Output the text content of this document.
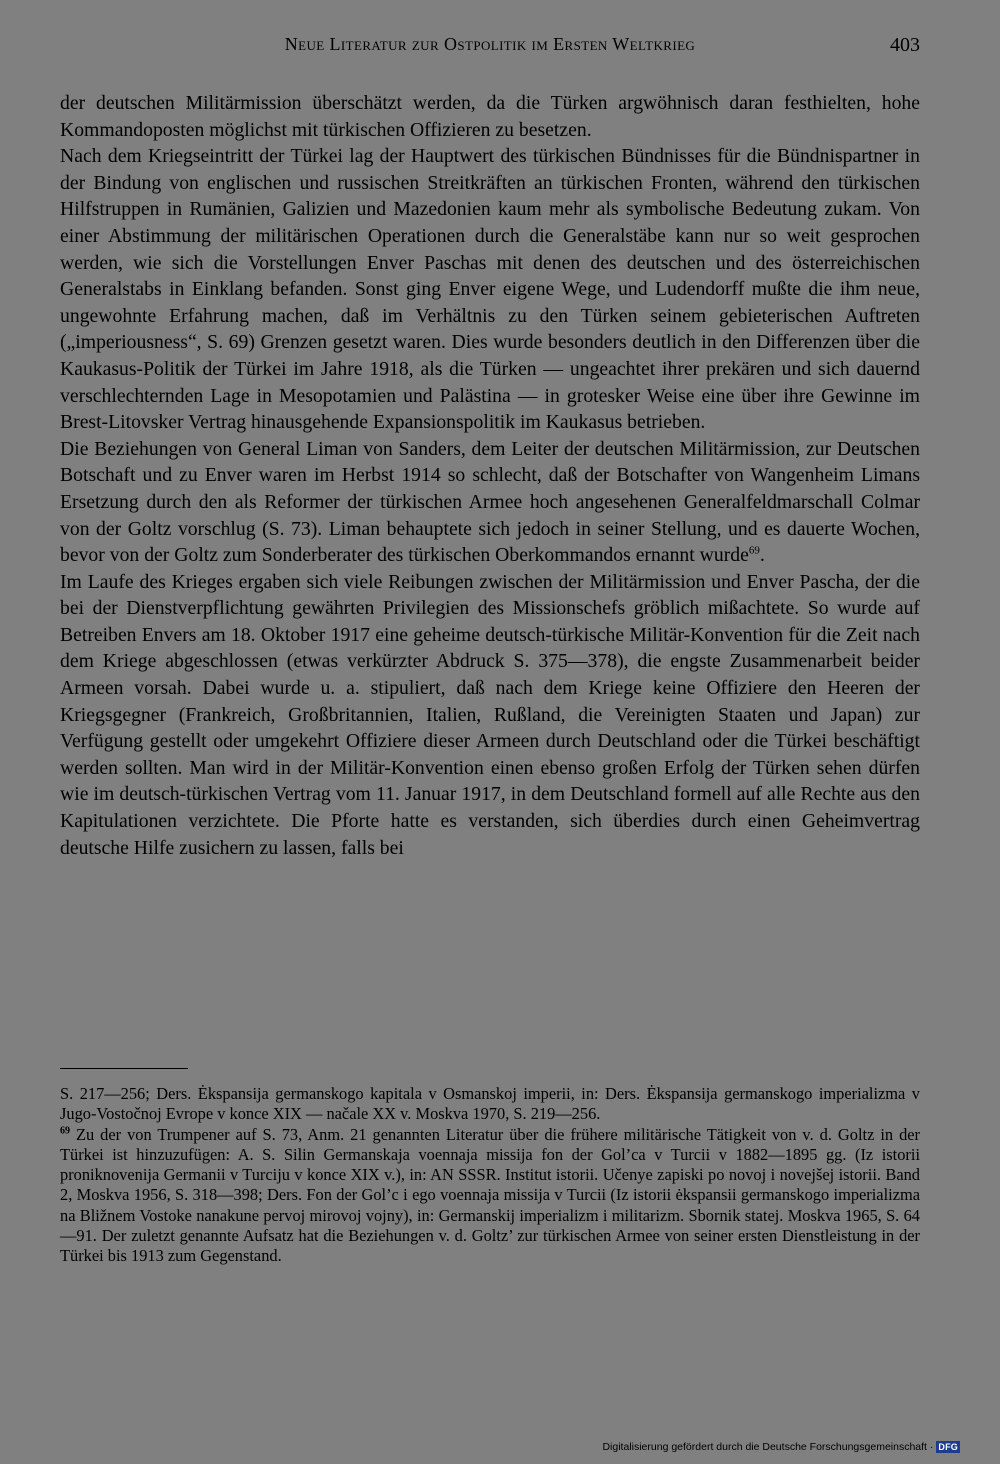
Neue Literatur zur Ostpolitik im Ersten Weltkrieg	403

der deutschen Militärmission überschätzt werden, da die Türken argwöhnisch daran festhielten, hohe Kommandoposten möglichst mit türkischen Offizieren zu besetzen.

Nach dem Kriegseintritt der Türkei lag der Hauptwert des türkischen Bündnisses für die Bündnispartner in der Bindung von englischen und russischen Streitkräften an türkischen Fronten, während den türkischen Hilfstruppen in Rumänien, Galizien und Mazedonien kaum mehr als symbolische Bedeutung zukam. Von einer Abstimmung der militärischen Operationen durch die Generalstäbe kann nur so weit gesprochen werden, wie sich die Vorstellungen Enver Paschas mit denen des deutschen und des österreichischen Generalstabs in Einklang befanden. Sonst ging Enver eigene Wege, und Ludendorff mußte die ihm neue, ungewohnte Erfahrung machen, daß im Verhältnis zu den Türken seinem gebieterischen Auftreten („imperiousness“, S. 69) Grenzen gesetzt waren. Dies wurde besonders deutlich in den Differenzen über die Kaukasus-Politik der Türkei im Jahre 1918, als die Türken — ungeachtet ihrer prekären und sich dauernd verschlechternden Lage in Mesopotamien und Palästina — in grotesker Weise eine über ihre Gewinne im Brest-Litovsker Vertrag hinausgehende Expansionspolitik im Kaukasus betrieben.

Die Beziehungen von General Liman von Sanders, dem Leiter der deutschen Militärmission, zur Deutschen Botschaft und zu Enver waren im Herbst 1914 so schlecht, daß der Botschafter von Wangenheim Limans Ersetzung durch den als Reformer der türkischen Armee hoch angesehenen Generalfeldmarschall Colmar von der Goltz vorschlug (S. 73). Liman behauptete sich jedoch in seiner Stellung, und es dauerte Wochen, bevor von der Goltz zum Sonderberater des türkischen Oberkommandos ernannt wurde$^{69}$.

Im Laufe des Krieges ergaben sich viele Reibungen zwischen der Militärmission und Enver Pascha, der die bei der Dienstverpflichtung gewährten Privilegien des Missionschefs gröblich mißachtete. So wurde auf Betreiben Envers am 18. Oktober 1917 eine geheime deutsch-türkische Militär-Konvention für die Zeit nach dem Kriege abgeschlossen (etwas verkürzter Abdruck S. 375—378), die engste Zusammenarbeit beider Armeen vorsah. Dabei wurde u. a. stipuliert, daß nach dem Kriege keine Offiziere den Heeren der Kriegsgegner (Frankreich, Großbritannien, Italien, Rußland, die Vereinigten Staaten und Japan) zur Verfügung gestellt oder umgekehrt Offiziere dieser Armeen durch Deutschland oder die Türkei beschäftigt werden sollten. Man wird in der Militär-Konvention einen ebenso großen Erfolg der Türken sehen dürfen wie im deutsch-türkischen Vertrag vom 11. Januar 1917, in dem Deutschland formell auf alle Rechte aus den Kapitulationen verzichtete. Die Pforte hatte es verstanden, sich überdies durch einen Geheimvertrag deutsche Hilfe zusichern zu lassen, falls bei

S. 217—256; Ders. Ėkspansija germanskogo kapitala v Osmanskoj imperii, in: Ders. Ėkspansija germanskogo imperializma v Jugo-Vostočnoj Evrope v konce XIX — načale XX v. Moskva 1970, S. 219—256.

$^{69}$ Zu der von Trumpener auf S. 73, Anm. 21 genannten Literatur über die frühere militärische Tätigkeit von v. d. Goltz in der Türkei ist hinzuzufügen: A. S. Silin Germanskaja voennaja missija fon der Gol’ca v Turcii v 1882—1895 gg. (Iz istorii proniknovenija Germanii v Turciju v konce XIX v.), in: AN SSSR. Institut istorii. Učenye zapiski po novoj i novejšej istorii. Band 2, Moskva 1956, S. 318—398; Ders. Fon der Gol’c i ego voennaja missija v Turcii (Iz istorii ėkspansii germanskogo imperializma na Bližnem Vostoke nanakune pervoj mirovoj vojny), in: Germanskij imperializm i militarizm. Sbornik statej. Moskva 1965, S. 64—91. Der zuletzt genannte Aufsatz hat die Beziehungen v. d. Goltz’ zur türkischen Armee von seiner ersten Dienstleistung in der Türkei bis 1913 zum Gegenstand.

Digitalisierung gefördert durch die Deutsche Forschungsgemeinschaft · DFG
